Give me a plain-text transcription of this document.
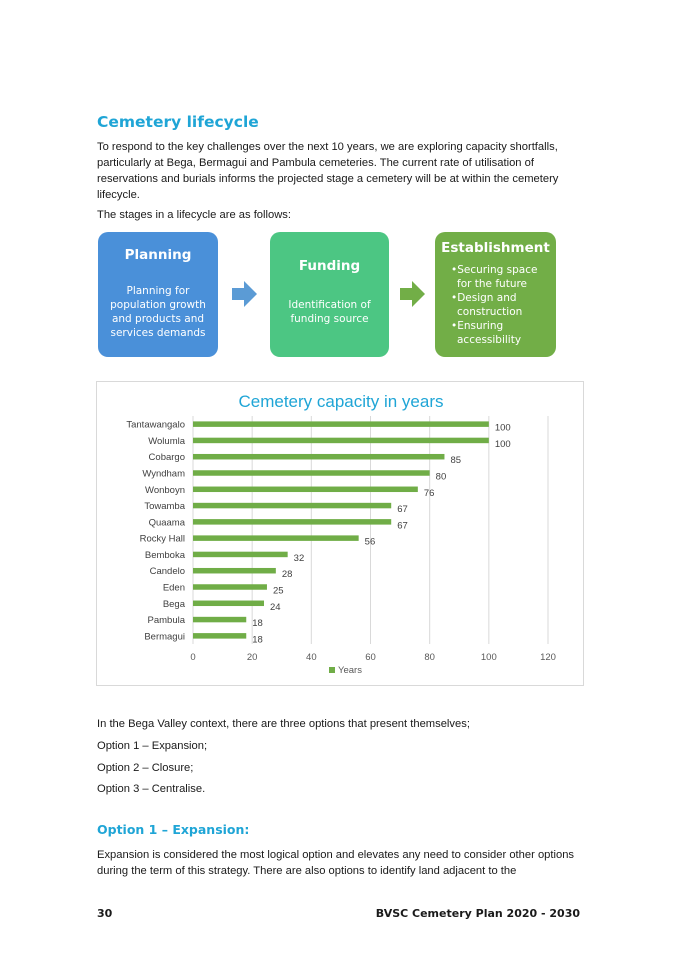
Cemetery lifecycle

To respond to the key challenges over the next 10 years, we are exploring capacity shortfalls, particularly at Bega, Bermagui and Pambula cemeteries. The current rate of utilisation of reservations and burials informs the projected stage a cemetery will be at within the cemetery lifecycle.

The stages in a lifecycle are as follows:

Planning
Planning for population growth and products and services demands
Funding
Identification of funding source
Establishment
•Securing space for the future
•Design and construction
•Ensuring accessibility
Cemetery capacity in years
0	20	40	60	80	100	120
Tantawangalo	100
Wolumla	100
Cobargo	85
Wyndham	80
Wonboyn	76
Towamba	67
Quaama	67
Rocky Hall	56
Bemboka	32
Candelo	28
Eden	25
Bega	24
Pambula	18
Bermagui	18
Years

In the Bega Valley context, there are three options that present themselves;

Option 1 – Expansion;

Option 2 – Closure;

Option 3 – Centralise.

Option 1 – Expansion:

Expansion is considered the most logical option and elevates any need to consider other options during the term of this strategy. There are also options to identify land adjacent to the

30	BVSC Cemetery Plan 2020 - 2030
